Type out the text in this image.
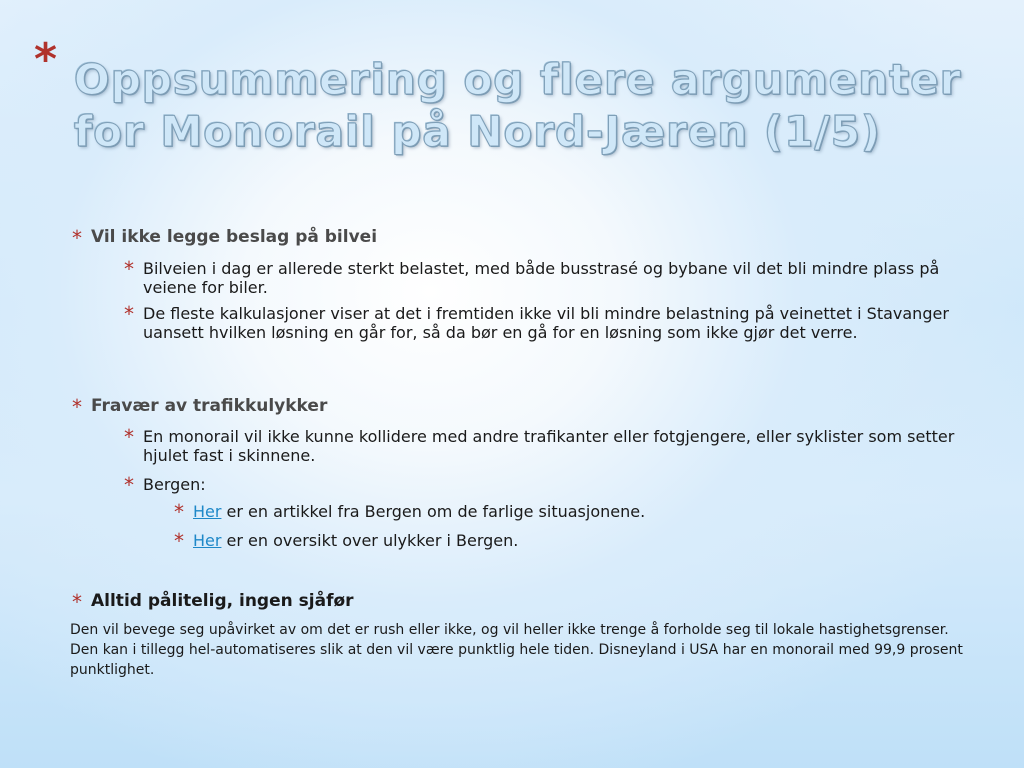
* Oppsummering og flere argumenter
for Monorail på Nord-Jæren (1/5)
* Vil ikke legge beslag på bilvei
* Bilveien i dag er allerede sterkt belastet, med både busstrasé og bybane vil det bli mindre plass på veiene for biler.
* De fleste kalkulasjoner viser at det i fremtiden ikke vil bli mindre belastning på veinettet i Stavanger uansett hvilken løsning en går for, så da bør en gå for en løsning som ikke gjør det verre.
* Fravær av trafikkulykker
* En monorail vil ikke kunne kollidere med andre trafikanter eller fotgjengere, eller syklister som setter hjulet fast i skinnene.
* Bergen:
* Her er en artikkel fra Bergen om de farlige situasjonene.
* Her er en oversikt over ulykker i Bergen.
* Alltid pålitelig, ingen sjåfør

Den vil bevege seg upåvirket av om det er rush eller ikke, og vil heller ikke trenge å forholde seg til lokale hastighetsgrenser. Den kan i tillegg hel-automatiseres slik at den vil være punktlig hele tiden. Disneyland i USA har en monorail med 99,9 prosent punktlighet.
